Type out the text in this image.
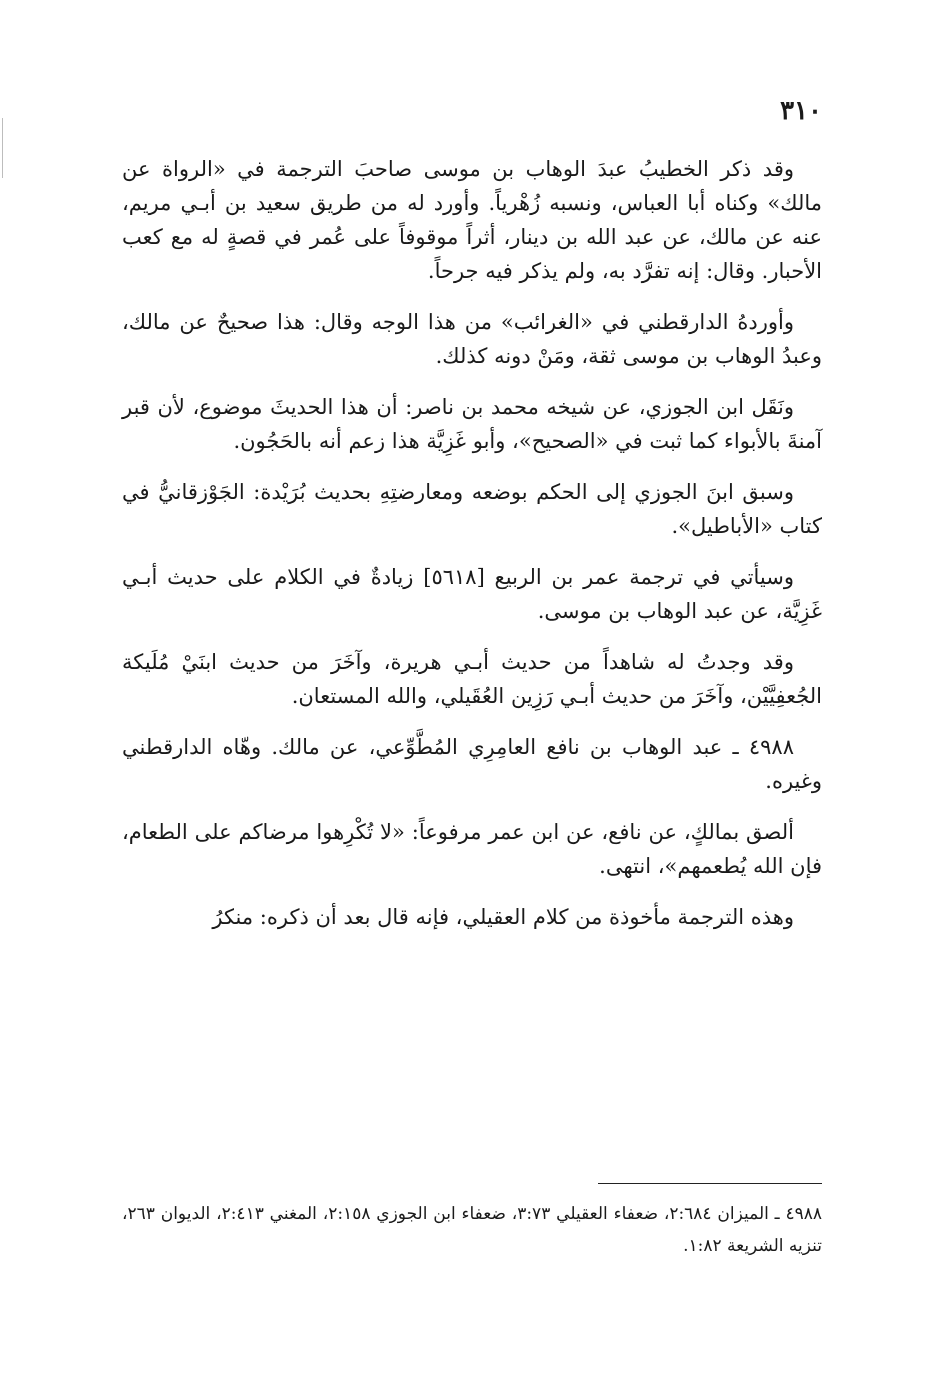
٣١٠

وقد ذكر الخطيبُ عبدَ الوهاب بن موسى صاحبَ الترجمة في «الرواة عن مالك» وكناه أبا العباس، ونسبه زُهْرياً. وأورد له من طريق سعيد بن أبـي مريم، عنه عن مالك، عن عبد الله بن دينار، أثراً موقوفاً على عُمر في قصةٍ له مع كعب الأحبار. وقال: إنه تفرَّد به، ولم يذكر فيه جرحاً.

وأوردهُ الدارقطني في «الغرائب» من هذا الوجه وقال: هذا صحيحٌ عن مالك، وعبدُ الوهاب بن موسى ثقة، ومَنْ دونه كذلك.

ونَقَل ابن الجوزي، عن شيخه محمد بن ناصر: أن هذا الحديثَ موضوع، لأن قبر آمنةَ بالأبواء كما ثبت في «الصحيح»، وأبو غَزِيَّة هذا زعم أنه بالحَجُون.

وسبق ابنَ الجوزي إلى الحكم بوضعه ومعارضتِهِ بحديث بُرَيْدة: الجَوْزقانيُّ في كتاب «الأباطيل».

وسيأتي في ترجمة عمر بن الربيع [٥٦١٨] زيادةٌ في الكلام على حديث أبـي غَزِيَّة، عن عبد الوهاب بن موسى.

وقد وجدتُ له شاهداً من حديث أبـي هريرة، وآخَرَ من حديث ابنَيْ مُلَيكة الجُعفِيَّيْن، وآخَرَ من حديث أبـي رَزِين العُقَيلي، والله المستعان.

٤٩٨٨ ـ عبد الوهاب بن نافع العامِرِي المُطَّوِّعي، عن مالك. وهّاه الدارقطني وغيره.

ألصق بمالكٍ، عن نافع، عن ابن عمر مرفوعاً: «لا تُكْرِهوا مرضاكم على الطعام، فإن الله يُطعمهم»، انتهى.

وهذه الترجمة مأخوذة من كلام العقيلي، فإنه قال بعد أن ذكره: منكرُ

٤٩٨٨ ـ الميزان ٢:٦٨٤، ضعفاء العقيلي ٣:٧٣، ضعفاء ابن الجوزي ٢:١٥٨، المغني ٢:٤١٣، الديوان ٢٦٣، تنزيه الشريعة ١:٨٢.
